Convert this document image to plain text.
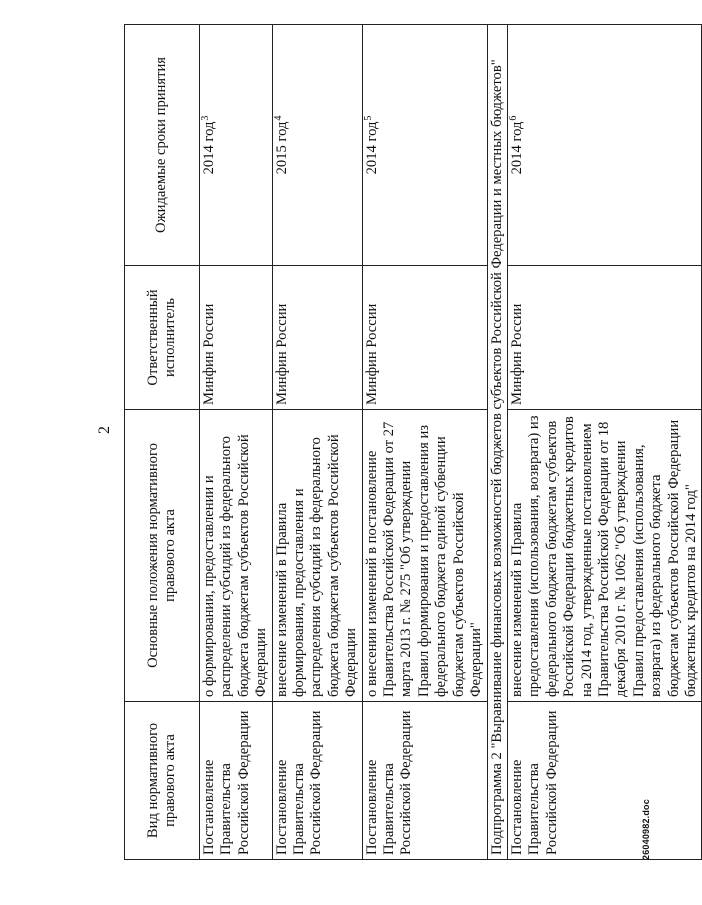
2
Вид нормативного правового акта	Основные положения нормативного правового акта	Ответственный исполнитель	Ожидаемые сроки принятия
Постановление Правительства Российской Федерации	о формировании, предоставлении и распределении субсидий из федерального бюджета бюджетам субъектов Российской Федерации	Минфин России	2014 год$^3$
Постановление Правительства Российской Федерации	внесение изменений в Правила формирования, предоставления и распределения субсидий из федерального бюджета бюджетам субъектов Российской Федерации	Минфин России	2015 год$^4$
Постановление Правительства Российской Федерации	о внесении изменений в постановление Правительства Российской Федерации от 27 марта 2013 г. № 275 "Об утверждении Правил формирования и предоставления из федерального бюджета единой субвенции бюджетам субъектов Российской Федерации"	Минфин России	2014 год$^5$
Подпрограмма 2 "Выравнивание финансовых возможностей бюджетов субъектов Российской Федерации и местных бюджетов"			
Постановление Правительства Российской Федерации	внесение изменений в Правила предоставления (использования, возврата) из федерального бюджета бюджетам субъектов Российской Федерации бюджетных кредитов на 2014 год, утвержденные постановлением Правительства Российской Федерации от 18 декабря 2010 г. № 1062 "Об утверждении Правил предоставления (использования, возврата) из федерального бюджета бюджетам субъектов Российской Федерации бюджетных кредитов на 2014 год"	Минфин России	2014 год$^6$
26040982.doc
